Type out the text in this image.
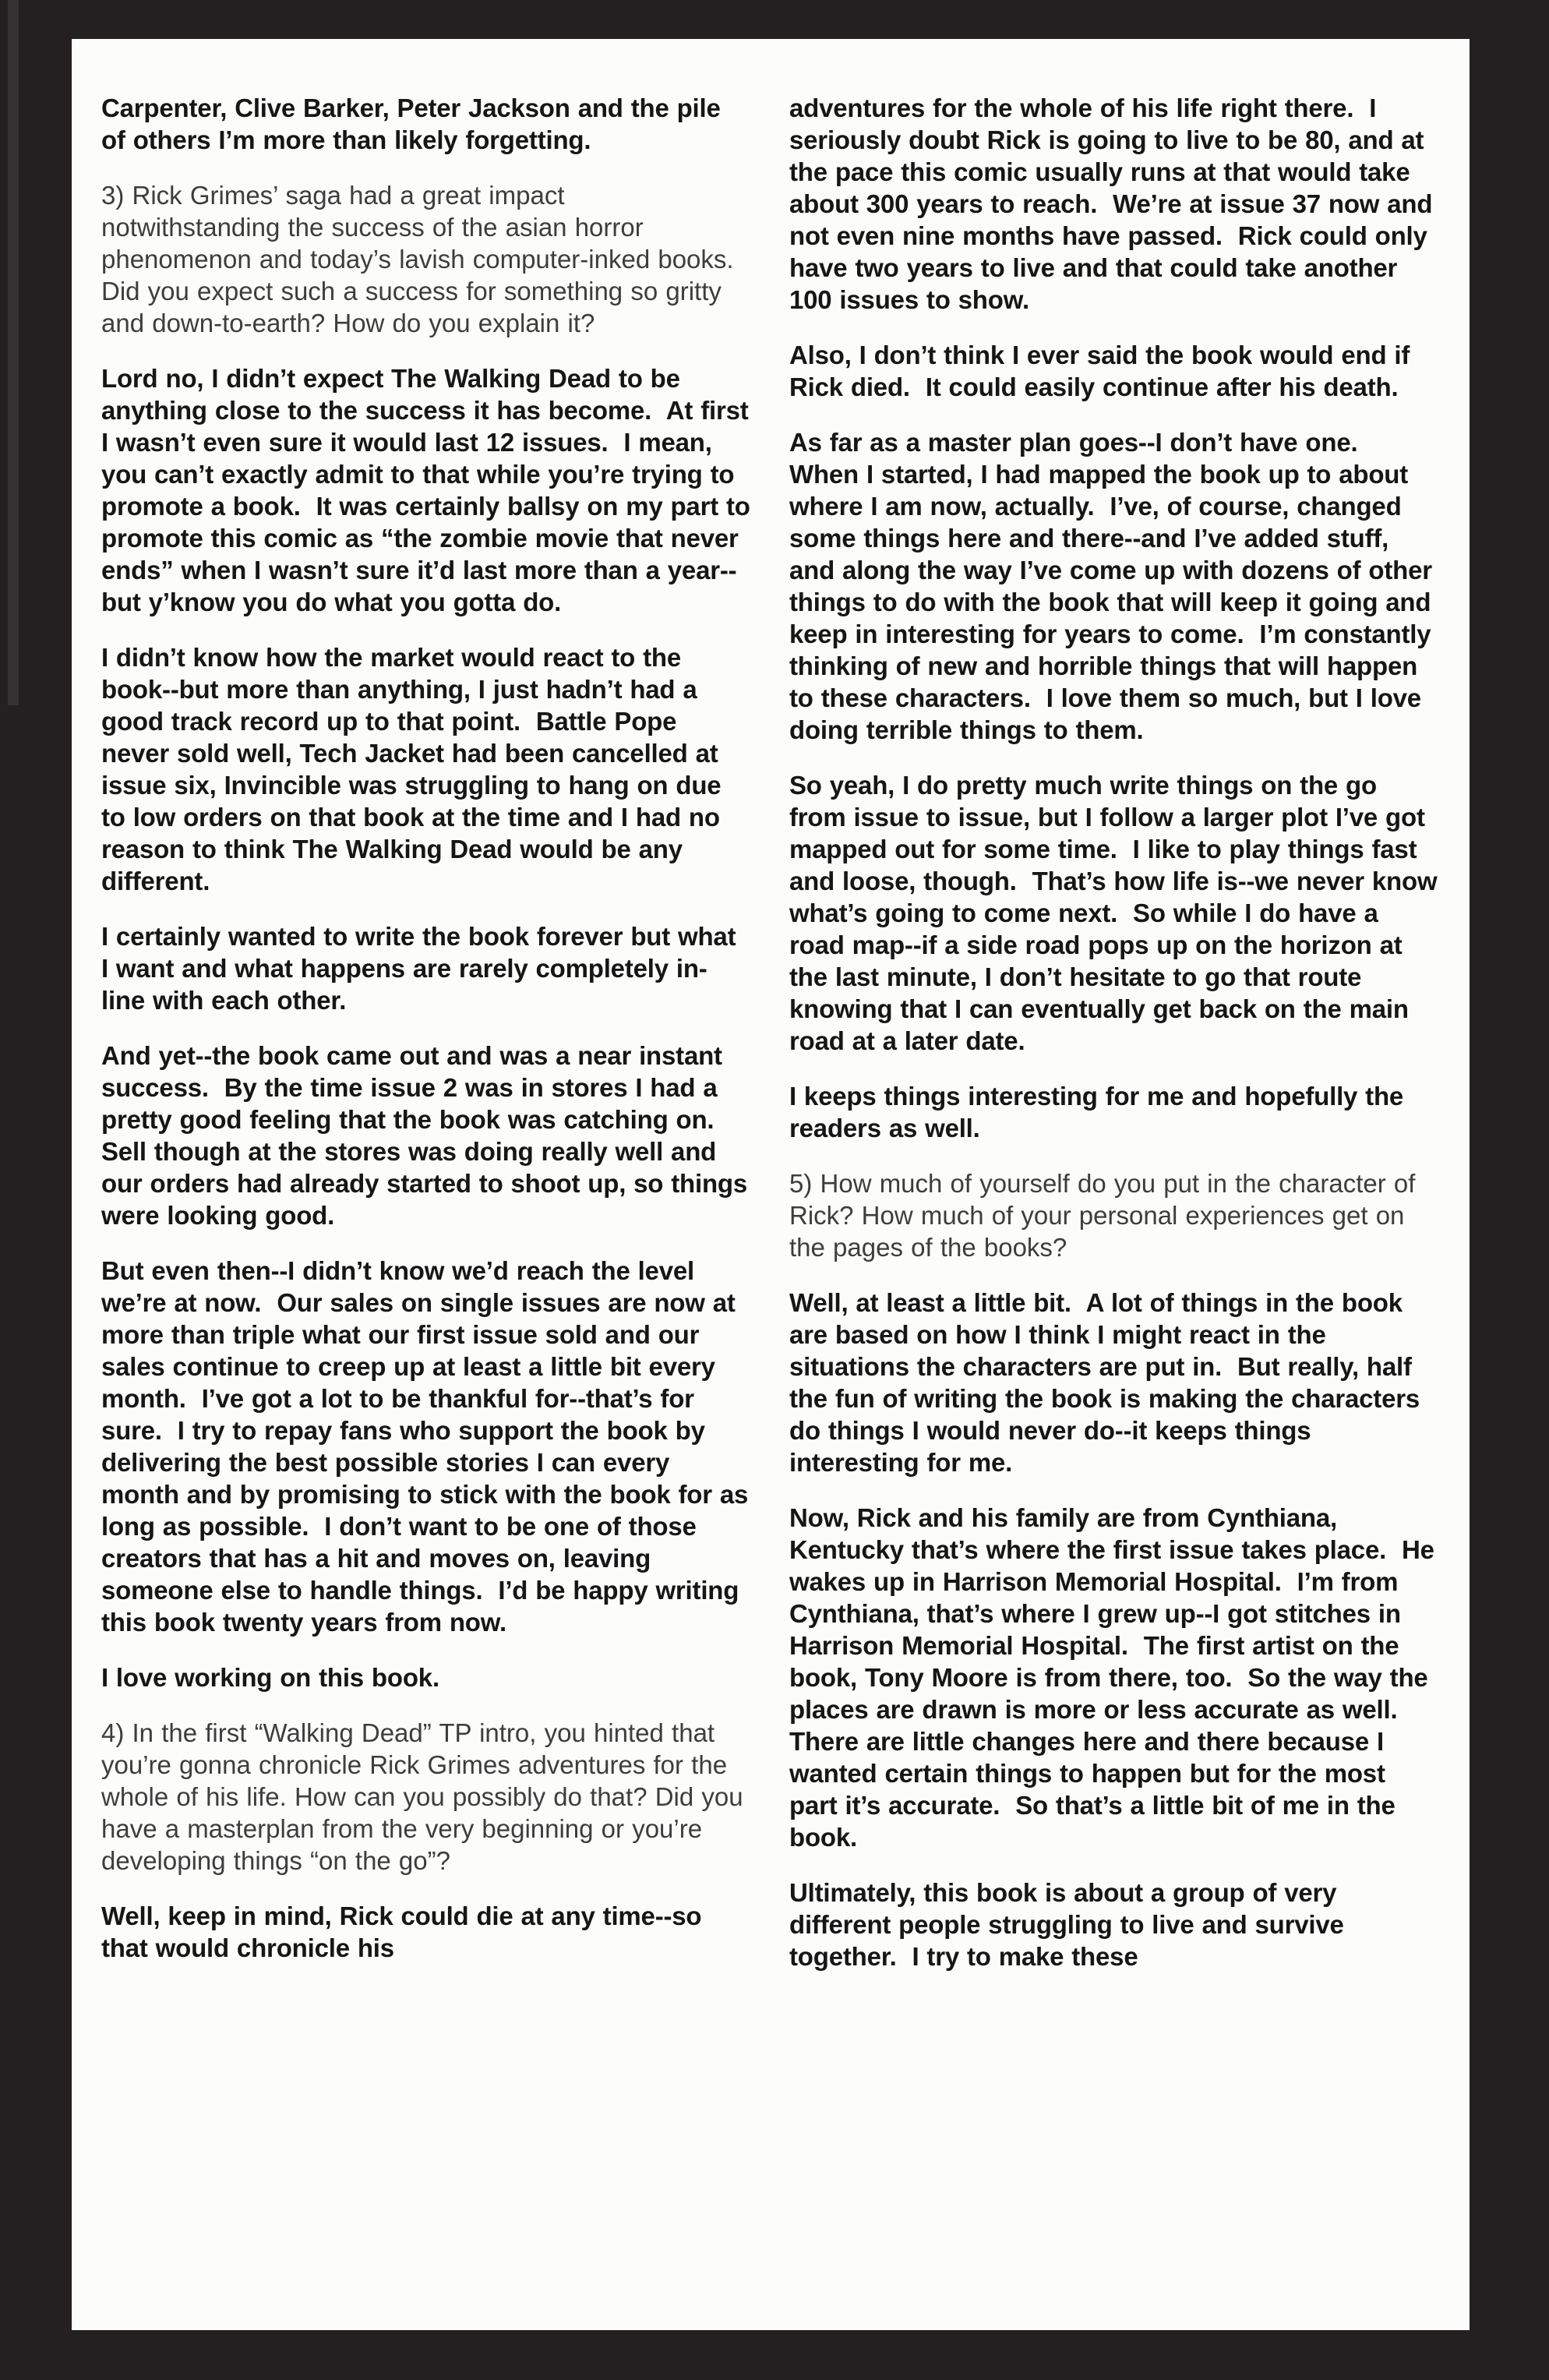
Carpenter, Clive Barker, Peter Jackson and the pile of others I’m more than likely forgetting.

3) Rick Grimes’ saga had a great impact notwithstanding the success of the asian horror phenomenon and today’s lavish computer-inked books.  Did you expect such a success for something so gritty and down-to-earth? How do you explain it?

Lord no, I didn’t expect The Walking Dead to be anything close to the success it has become.  At first I wasn’t even sure it would last 12 issues.  I mean, you can’t exactly admit to that while you’re trying to promote a book.  It was certainly ballsy on my part to promote this comic as “the zombie movie that never ends” when I wasn’t sure it’d last more than a year--but y’know you do what you gotta do.

I didn’t know how the market would react to the book--but more than anything, I just hadn’t had a good track record up to that point.  Battle Pope never sold well, Tech Jacket had been cancelled at issue six, Invincible was struggling to hang on due to low orders on that book at the time and I had no reason to think The Walking Dead would be any different.

I certainly wanted to write the book forever but what I want and what happens are rarely completely in-line with each other.

And yet--the book came out and was a near instant success.  By the time issue 2 was in stores I had a pretty good feeling that the book was catching on.  Sell though at the stores was doing really well and our orders had already started to shoot up, so things were looking good.

But even then--I didn’t know we’d reach the level we’re at now.  Our sales on single issues are now at more than triple what our first issue sold and our sales continue to creep up at least a little bit every month.  I’ve got a lot to be thankful for--that’s for sure.  I try to repay fans who support the book by delivering the best possible stories I can every month and by promising to stick with the book for as long as possible.  I don’t want to be one of those creators that has a hit and moves on, leaving someone else to handle things.  I’d be happy writing this book twenty years from now.

I love working on this book.

4) In the first “Walking Dead” TP intro, you hinted that you’re gonna chronicle Rick Grimes adventures for the whole of his life. How can you possibly do that? Did you have a masterplan from the very beginning or you’re developing things “on the go”?

Well, keep in mind, Rick could die at any time--so that would chronicle his

adventures for the whole of his life right there.  I seriously doubt Rick is going to live to be 80, and at the pace this comic usually runs at that would take about 300 years to reach.  We’re at issue 37 now and not even nine months have passed.  Rick could only have two years to live and that could take another 100 issues to show.

Also, I don’t think I ever said the book would end if Rick died.  It could easily continue after his death.

As far as a master plan goes--I don’t have one.  When I started, I had mapped the book up to about where I am now, actually.  I’ve, of course, changed some things here and there--and I’ve added stuff, and along the way I’ve come up with dozens of other things to do with the book that will keep it going and keep in interesting for years to come.  I’m constantly thinking of new and horrible things that will happen to these characters.  I love them so much, but I love doing terrible things to them.

So yeah, I do pretty much write things on the go from issue to issue, but I follow a larger plot I’ve got mapped out for some time.  I like to play things fast and loose, though.  That’s how life is--we never know what’s going to come next.  So while I do have a road map--if a side road pops up on the horizon at the last minute, I don’t hesitate to go that route knowing that I can eventually get back on the main road at a later date.

I keeps things interesting for me and hopefully the readers as well.

5) How much of yourself do you put in the character of Rick? How much of your personal experiences get on the pages of the books?

Well, at least a little bit.  A lot of things in the book are based on how I think I might react in the situations the characters are put in.  But really, half the fun of writing the book is making the characters do things I would never do--it keeps things interesting for me.

Now, Rick and his family are from Cynthiana, Kentucky that’s where the first issue takes place.  He wakes up in Harrison Memorial Hospital.  I’m from Cynthiana, that’s where I grew up--I got stitches in Harrison Memorial Hospital.  The first artist on the book, Tony Moore is from there, too.  So the way the places are drawn is more or less accurate as well.  There are little changes here and there because I wanted certain things to happen but for the most part it’s accurate.  So that’s a little bit of me in the book.

Ultimately, this book is about a group of very different people struggling to live and survive together.  I try to make these
